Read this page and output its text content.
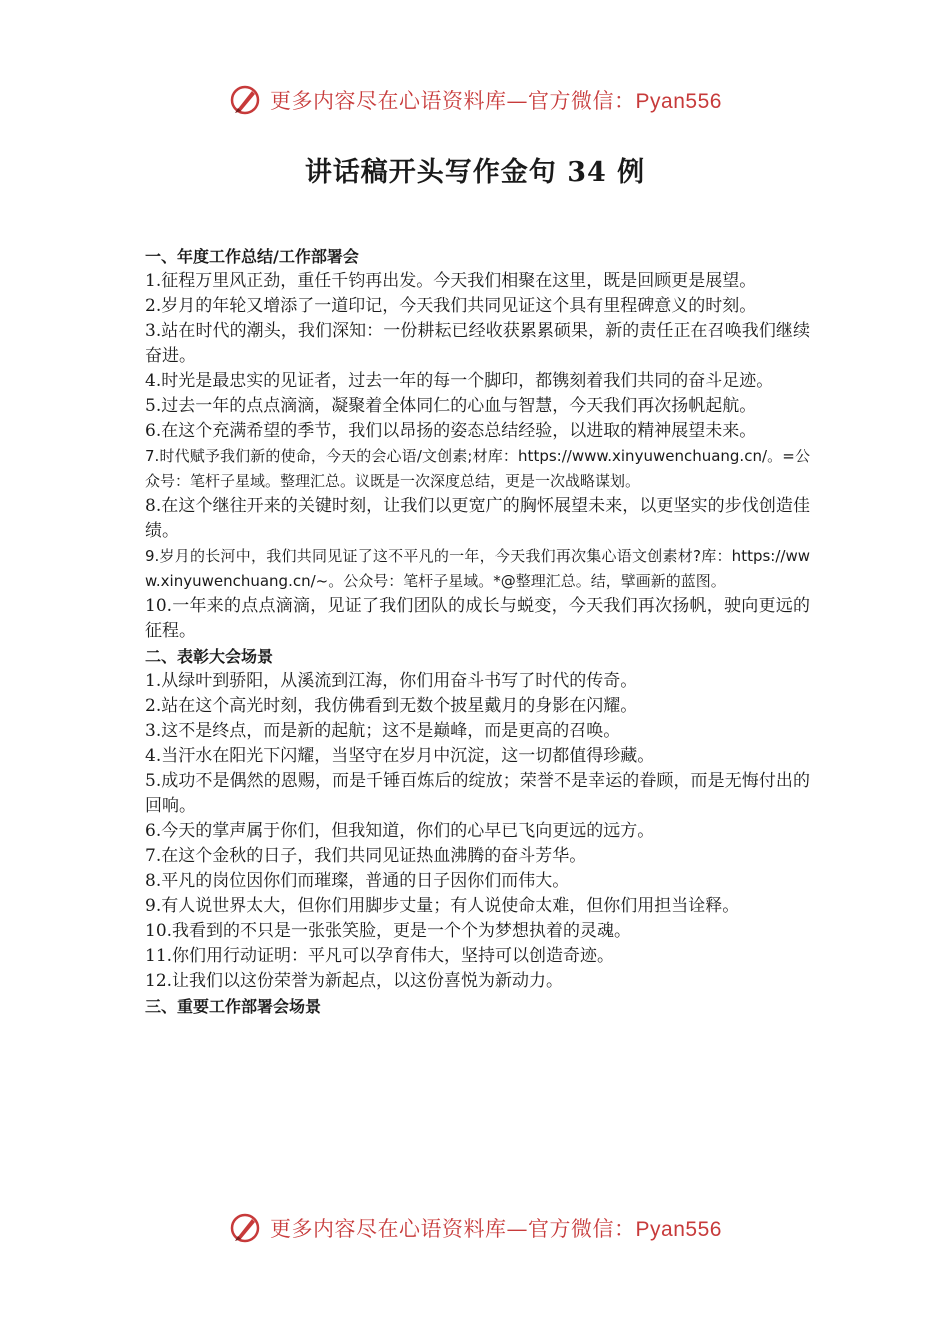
更多内容尽在心语资料库—官方微信：Pyan556
讲话稿开头写作金句 34 例
一、年度工作总结/工作部署会
1.征程万里风正劲，重任千钧再出发。今天我们相聚在这里，既是回顾更是展望。
2.岁月的年轮又增添了一道印记，今天我们共同见证这个具有里程碑意义的时刻。
3.站在时代的潮头，我们深知：一份耕耘已经收获累累硕果，新的责任正在召唤我们继续奋进。
4.时光是最忠实的见证者，过去一年的每一个脚印，都镌刻着我们共同的奋斗足迹。
5.过去一年的点点滴滴，凝聚着全体同仁的心血与智慧，今天我们再次扬帆起航。
6.在这个充满希望的季节，我们以昂扬的姿态总结经验，以进取的精神展望未来。
7.时代赋予我们新的使命，今天的会心语/文创素;材库：https://www.xinyuwenchuang.cn/。=公众号：笔杆子星域。整理汇总。议既是一次深度总结，更是一次战略谋划。
8.在这个继往开来的关键时刻，让我们以更宽广的胸怀展望未来，以更坚实的步伐创造佳绩。
9.岁月的长河中，我们共同见证了这不平凡的一年，今天我们再次集心语文创素材?库：https://www.xinyuwenchuang.cn/~。公众号：笔杆子星域。*@整理汇总。结，擘画新的蓝图。
10.一年来的点点滴滴，见证了我们团队的成长与蜕变，今天我们再次扬帆，驶向更远的征程。
二、表彰大会场景
1.从绿叶到骄阳，从溪流到江海，你们用奋斗书写了时代的传奇。
2.站在这个高光时刻，我仿佛看到无数个披星戴月的身影在闪耀。
3.这不是终点，而是新的起航；这不是巅峰，而是更高的召唤。
4.当汗水在阳光下闪耀，当坚守在岁月中沉淀，这一切都值得珍藏。
5.成功不是偶然的恩赐，而是千锤百炼后的绽放；荣誉不是幸运的眷顾，而是无悔付出的回响。
6.今天的掌声属于你们，但我知道，你们的心早已飞向更远的远方。
7.在这个金秋的日子，我们共同见证热血沸腾的奋斗芳华。
8.平凡的岗位因你们而璀璨，普通的日子因你们而伟大。
9.有人说世界太大，但你们用脚步丈量；有人说使命太难，但你们用担当诠释。
10.我看到的不只是一张张笑脸，更是一个个为梦想执着的灵魂。
11.你们用行动证明：平凡可以孕育伟大，坚持可以创造奇迹。
12.让我们以这份荣誉为新起点，以这份喜悦为新动力。
三、重要工作部署会场景
更多内容尽在心语资料库—官方微信：Pyan556
